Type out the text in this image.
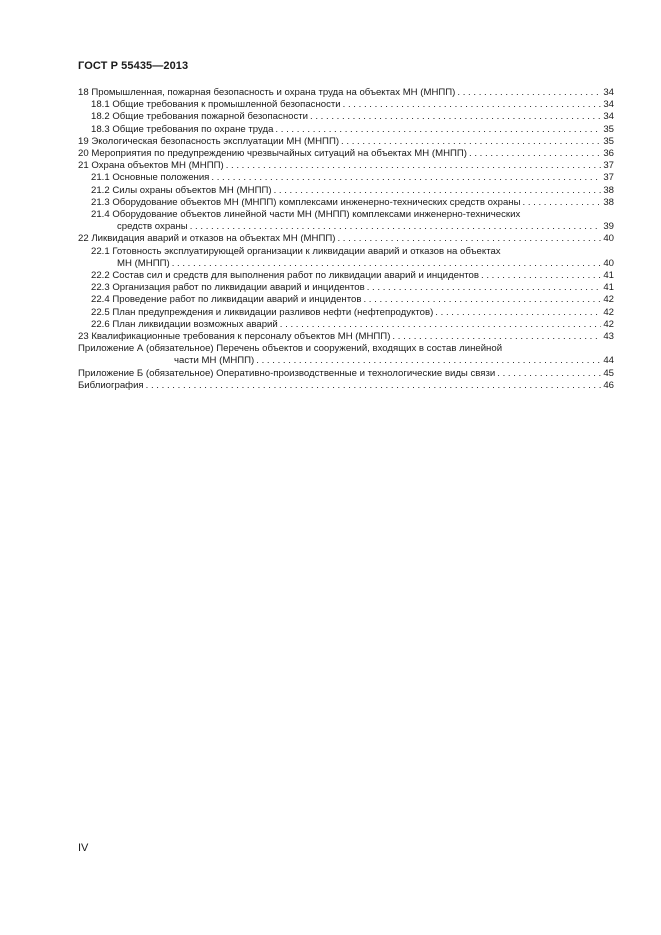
ГОСТ Р 55435—2013
18 Промышленная, пожарная безопасность и охрана труда на объектах МН (МНПП) . . .	34
18.1 Общие требования к промышленной безопасности . . .	34
18.2 Общие требования пожарной безопасности . . .	34
18.3 Общие требования по охране труда . . .	35
19 Экологическая безопасность эксплуатации МН (МНПП) . . .	35
20 Мероприятия по предупреждению чрезвычайных ситуаций на объектах МН (МНПП) . . .	36
21 Охрана объектов МН (МНПП) . . .	37
21.1 Основные положения . . .	37
21.2 Силы охраны объектов МН (МНПП) . . .	38
21.3 Оборудование объектов МН (МНПП) комплексами инженерно-технических средств охраны . . .	38
21.4 Оборудование объектов линейной части МН (МНПП) комплексами инженерно-технических
средств охраны . . .	39
22 Ликвидация аварий и отказов на объектах МН (МНПП) . . .	40
22.1 Готовность эксплуатирующей организации к ликвидации аварий и отказов на объектах
МН (МНПП) . . .	40
22.2 Состав сил и средств для выполнения работ по ликвидации аварий и инцидентов . . .	41
22.3 Организация работ по ликвидации аварий и инцидентов . . .	41
22.4 Проведение работ по ликвидации аварий и инцидентов . . .	42
22.5 План предупреждения и ликвидации разливов нефти (нефтепродуктов) . . .	42
22.6 План ликвидации возможных аварий . . .	42
23 Квалификационные требования к персоналу объектов МН (МНПП) . . .	43
Приложение А (обязательное) Перечень объектов и сооружений, входящих в состав линейной
части МН (МНПП) . . .	44
Приложение Б (обязательное) Оперативно-производственные и технологические виды связи . . .	45
Библиография . . .	46
IV
